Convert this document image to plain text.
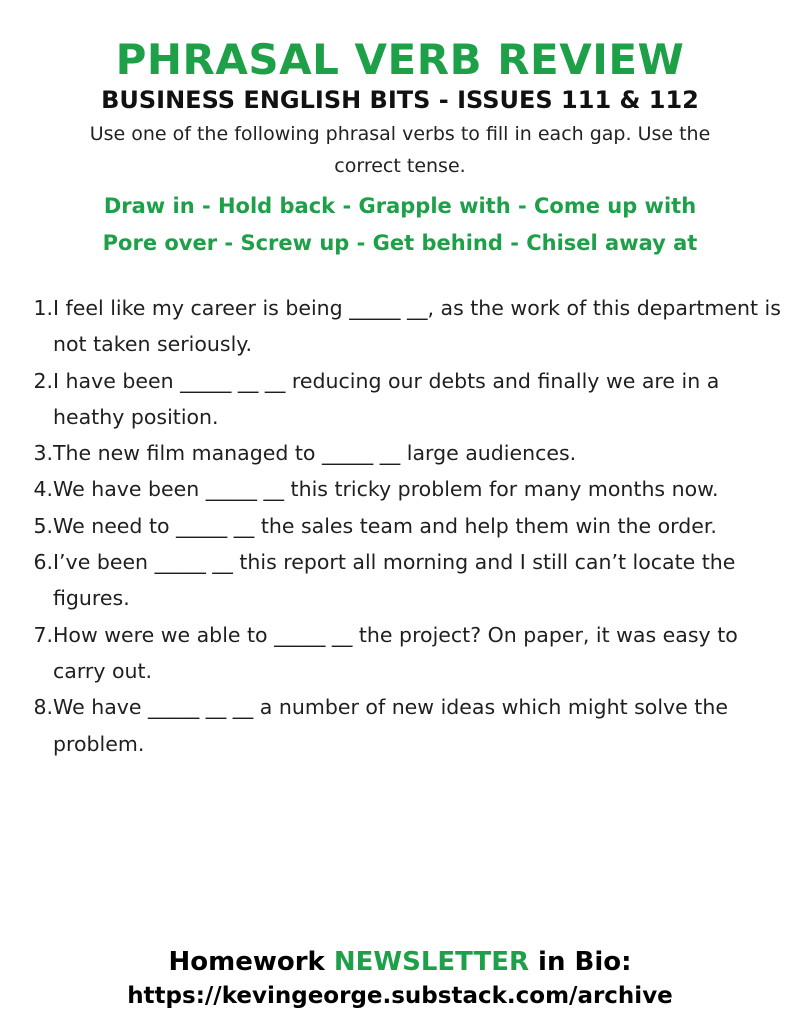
PHRASAL VERB REVIEW
BUSINESS ENGLISH BITS - ISSUES 111 & 112
Use one of the following phrasal verbs to fill in each gap. Use the correct tense.
Draw in - Hold back - Grapple with - Come up with
Pore over - Screw up - Get behind - Chisel away at
1. I feel like my career is being _____ __, as the work of this department is not taken seriously.
2. I have been _____ __ __ reducing our debts and finally we are in a heathy position.
3. The new film managed to _____ __ large audiences.
4. We have been _____ __ this tricky problem for many months now.
5. We need to _____ __ the sales team and help them win the order.
6. I’ve been _____ __ this report all morning and I still can’t locate the figures.
7. How were we able to _____ __ the project? On paper, it was easy to carry out.
8. We have _____ __ __ a number of new ideas which might solve the problem.
Homework NEWSLETTER in Bio:
https://kevingeorge.substack.com/archive
